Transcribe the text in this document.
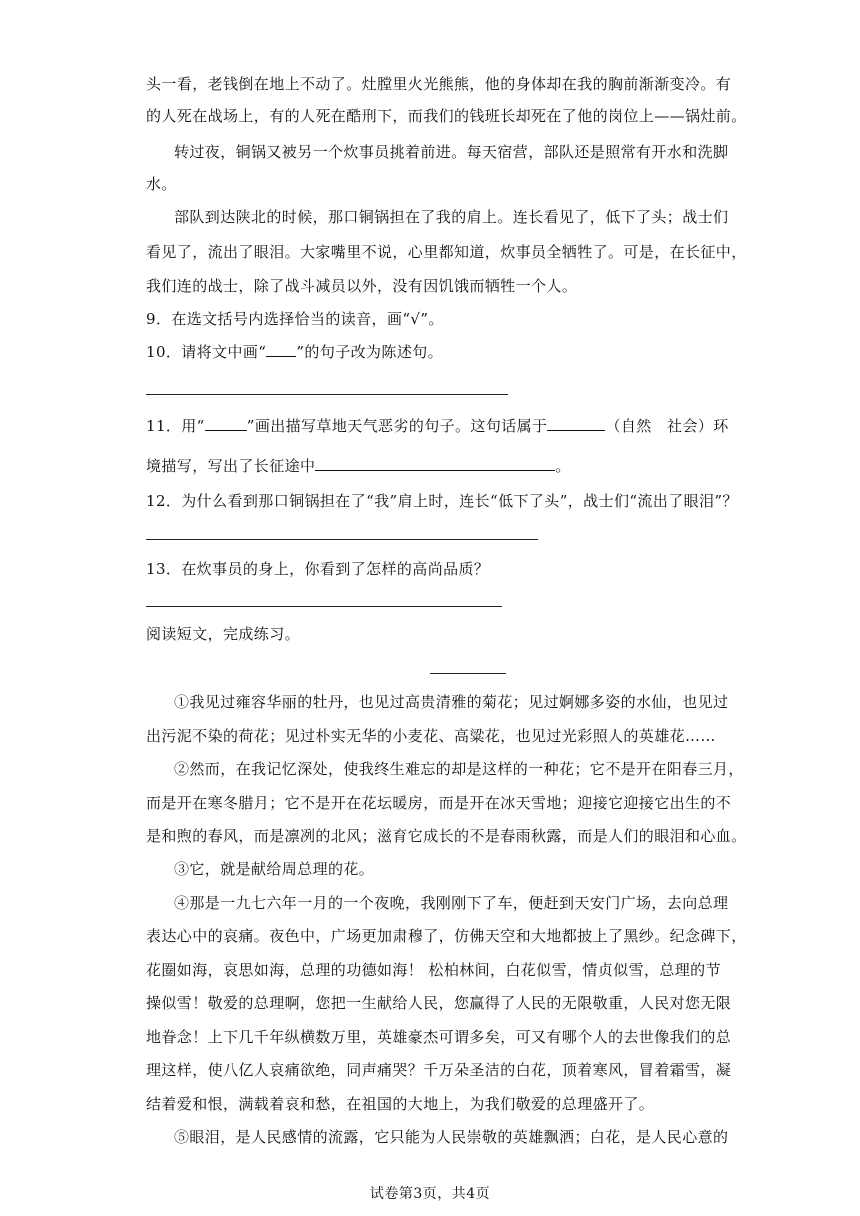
头一看，老钱倒在地上不动了。灶膛里火光熊熊，他的身体却在我的胸前渐渐变冷。有
的人死在战场上，有的人死在酷刑下，而我们的钱班长却死在了他的岗位上——锅灶前。
转过夜，铜锅又被另一个炊事员挑着前进。每天宿营，部队还是照常有开水和洗脚
水。
部队到达陕北的时候，那口铜锅担在了我的肩上。连长看见了，低下了头；战士们
看见了，流出了眼泪。大家嘴里不说，心里都知道，炊事员全牺牲了。可是，在长征中，
我们连的战士，除了战斗减员以外，没有因饥饿而牺牲一个人。
9．在选文括号内选择恰当的读音，画“√”。
10．请将文中画“ ”的句子改为陈述句。
11．用“	”画出描写草地天气恶劣的句子。这句话属于	（自然　社会）环
境描写，写出了长征途中	。
12．为什么看到那口铜锅担在了“我”肩上时，连长“低下了头”，战士们“流出了眼泪”？
13．在炊事员的身上，你看到了怎样的高尚品质？
阅读短文，完成练习。
①我见过雍容华丽的牡丹，也见过高贵清雅的菊花；见过婀娜多姿的水仙，也见过
出污泥不染的荷花；见过朴实无华的小麦花、高粱花，也见过光彩照人的英雄花……
②然而，在我记忆深处，使我终生难忘的却是这样的一种花；它不是开在阳春三月，
而是开在寒冬腊月；它不是开在花坛暖房，而是开在冰天雪地；迎接它迎接它出生的不
是和煦的春风，而是凛冽的北风；滋育它成长的不是春雨秋露，而是人们的眼泪和心血。
③它，就是献给周总理的花。
④那是一九七六年一月的一个夜晚，我刚刚下了车，便赶到天安门广场，去向总理
表达心中的哀痛。夜色中，广场更加肃穆了，仿佛天空和大地都披上了黑纱。纪念碑下，
花圈如海，哀思如海，总理的功德如海！ 松柏林间，白花似雪，情贞似雪，总理的节
操似雪！敬爱的总理啊，您把一生献给人民，您赢得了人民的无限敬重，人民对您无限
地眷念！上下几千年纵横数万里，英雄豪杰可谓多矣，可又有哪个人的去世像我们的总
理这样，使八亿人哀痛欲绝，同声痛哭？千万朵圣洁的白花，顶着寒风，冒着霜雪，凝
结着爱和恨，满载着哀和愁，在祖国的大地上，为我们敬爱的总理盛开了。
⑤眼泪，是人民感情的流露，它只能为人民崇敬的英雄飘洒；白花，是人民心意的
试卷第3页，共4页
